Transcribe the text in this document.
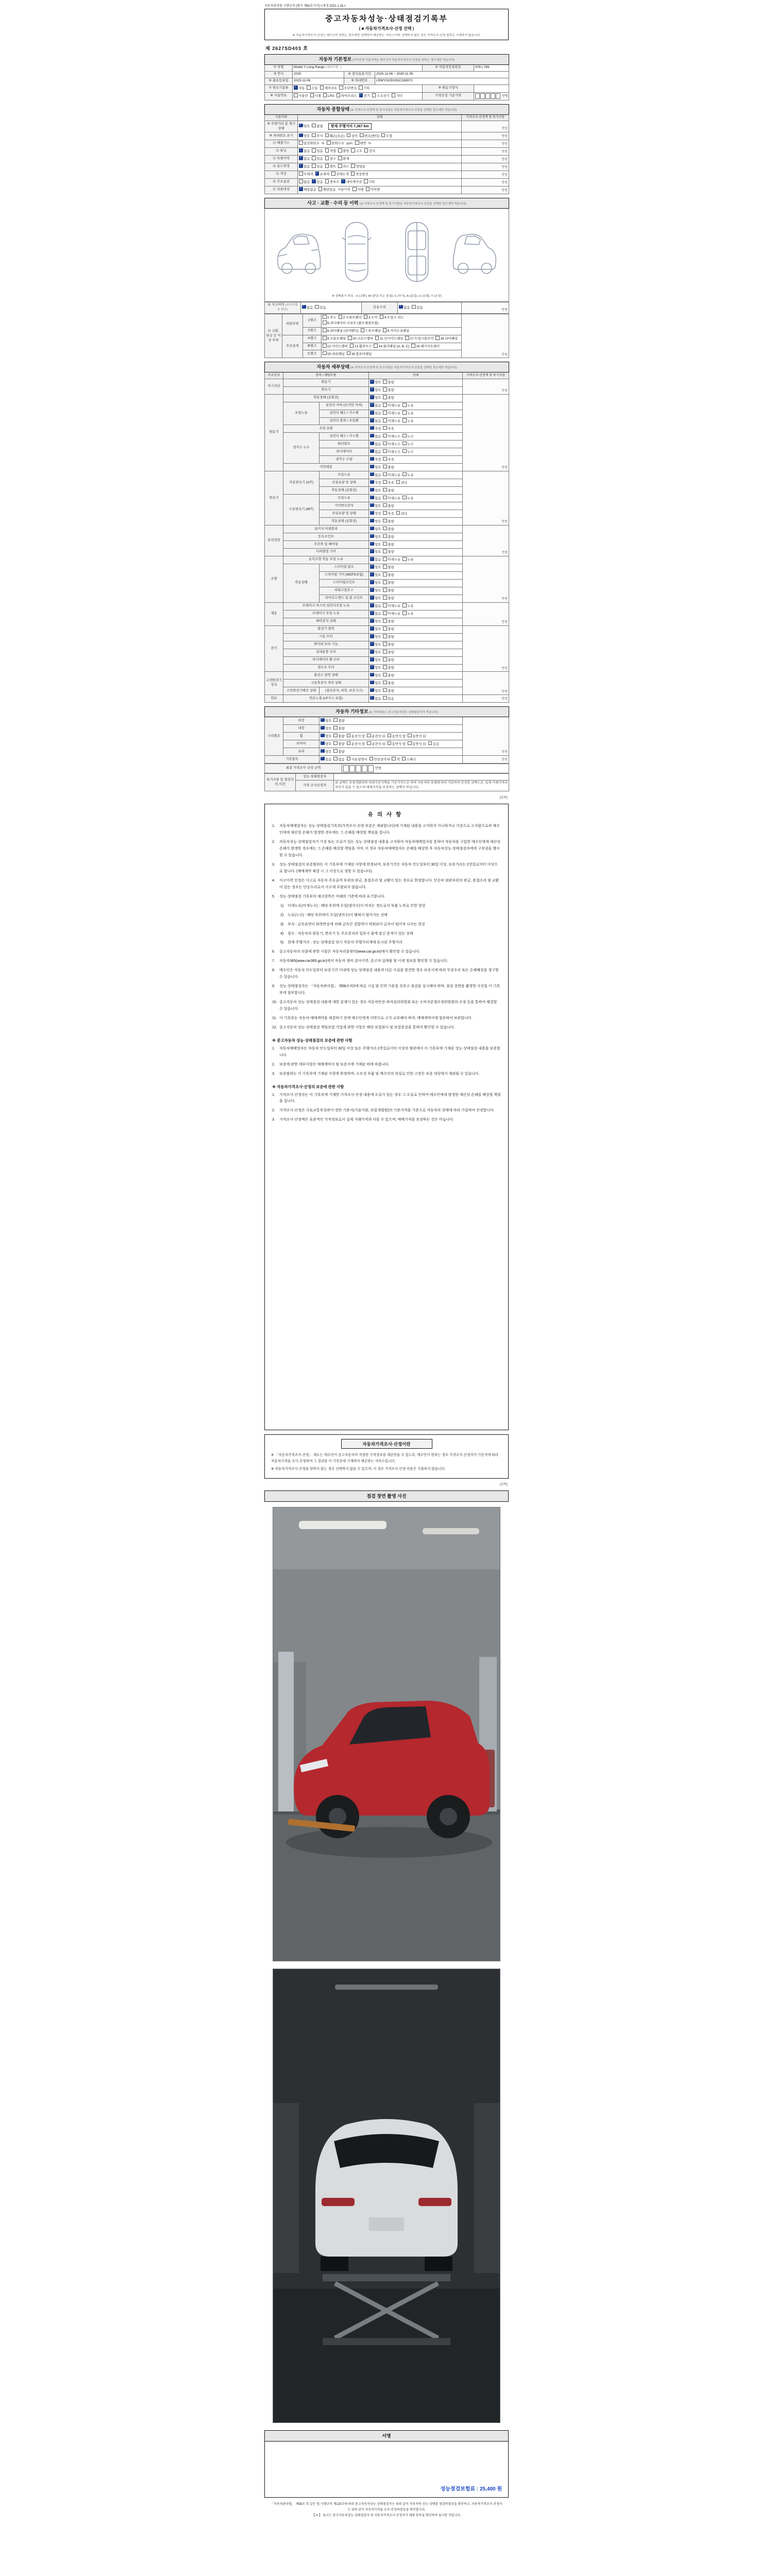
자동차관리법 시행규칙 [별지 제82호서식] <개정 2021.1.16.>
중고자동차성능·상태점검기록부
( ■ 자동차가격조사·산정 선택 )
※ 자동차가격조사·산정은 매수인이 원하는 경우에만 선택하여 제공받는 서비스이며, 선택하지 않은 경우 가격조사·산정 항목은 기재하지 않습니다.
제 2627SD403 호
자동차 기본정보 (가격산정 기준가격은 매수인이 자동차가격조사·산정을 원하는 경우에만 적습니다)					
① 차명	Model Y Long Range (세부모델 : )			② 자동차등록번호	476누789
③ 연식	2025	④ 검사유효기간	2025-11-06 ~ 2030-11-05		
⑤ 최초등록일	2025-11-06	⑥ 차대번호	LRWYGCEK5SC326973		
⑦ 변속기종류	✓자동 수동 세미오토 무단변속 기타			⑨ 원동기형식	
⑧ 사용연료	가솔린 디젤 LPG 하이브리드 ✓ 전기 수소전기 기타			가격산정 기준가격	만원
자동차 종합상태 (※ 가격조사·산정액 및 특기사항은 자동차가격조사·산정을 선택한 경우에만 적습니다)		
사용이력	상태	가격조사·산정액 및 특기사항
⑨ 주행거리 및 계기상태	✓양호 불량 현재 주행거리 7,367 km	만원
⑩ 차대번호 표기	✓양호 부식 훼손(오손) 상이 변조(변타) 도말	만원
⑪ 배출가스	일산화탄소 % 탄화수소 ppm 매연 %	만원
⑫ 튜닝	✓없음 있음 적법 불법 구조 장치	만원
⑬ 특별이력	✓없음 있음 침수 화재	만원
⑭ 용도변경	✓없음 있음 렌트 리스 영업용	만원
⑮ 색상	무채색 ✓ 유채색 전체도색 색상변경	만원
⑯ 주요옵션	없음 ✓ 있음 썬루프 ✓ 네비게이션 기타	만원
⑰ 리콜대상	✓해당없음 해당있음 리콜이행 이행 미이행	만원
사고 · 교환 · 수리 등 이력 (※ 가격조사·산정액 및 특기사항은 자동차가격조사·산정을 선택한 경우에만 적습니다)

※ 상태표시 부호 : X (교환), W (판금 또는 용접), C (부식), A (흠집), U (요철), T (손상)
⑱ 사고이력 (유의사항 4. 참조)	✓없음 있음	단순수리	✓없음 있음	만원
⑲ 교환, 판금 등 이상 부위	외판부위	1랭크	1.후드 2.프론트펜더 3.도어 4.트렁크 리드5.라디에이터 서포트 (볼트체결부품)	만원
		2랭크	6.쿼터패널 (리어펜더) 7.루프패널 8.사이드실패널	
	주요골격	A랭크	9.프론트패널 10.크로스멤버 11.인사이드패널 17.트렁크플로어 18.리어패널	
		B랭크	12.사이드멤버 13.휠하우스 14.필러패널 (A, B, C) 19.패키지트레이	
		C랭크	15.대쉬패널 16.플로어패널	
자동차 세부상태 (※ 가격조사·산정액 및 특기사항은 자동차가격조사·산정을 선택한 경우에만 적습니다)				
주요장치	항목 / 해당부품		상태	가격조사·산정액 및 특기사항
자기진단	원동기	✓양호 불량	만원
	변속기	✓양호 불량
원동기	작동상태 (공회전)	✓양호 불량	만원
	오일누유	실린더 커버 (로커암 커버)	✓없음 미세누유 누유
		실린더 헤드 / 가스켓	✓없음 미세누유 누유
		실린더 블록 / 오일팬	✓없음 미세누유 누유
	오일 유량	✓적정 부족
	냉각수 누수	실린더 헤드 / 가스켓	✓없음 미세누수 누수
		워터펌프	✓없음 미세누수 누수
		라디에이터	✓없음 미세누수 누수
		냉각수 수량	✓적정 부족
	커먼레일	✓양호 불량
변속기	자동변속기 (A/T)	오일누유	✓없음 미세누유 누유	만원
		오일유량 및 상태	✓적정 부족 과다
		작동상태 (공회전)	✓양호 불량
	수동변속기 (M/T)	오일누유	✓없음 미세누유 누유
		기어변속장치	✓양호 불량
		오일유량 및 상태	✓적정 부족 과다
		작동상태 (공회전)	✓양호 불량
동력전달	클러치 어셈블리	✓양호 불량	만원
	등속조인트	✓양호 불량
	추진축 및 베어링	✓양호 불량
	디퍼렌셜 기어	✓양호 불량
조향	동력조향 작동 오일 누유	✓없음 미세누유 누유	만원
	작동상태	스티어링 펌프	✓양호 불량
		스티어링 기어 (MDPS포함)	✓양호 불량
		스티어링조인트	✓양호 불량
		파워고압호스	✓양호 불량
		타이로드엔드 및 볼 조인트	✓양호 불량
제동	브레이크 마스터 실린더오일 누유	✓없음 미세누유 누유	만원
	브레이크 오일 누유	✓없음 미세누유 누유
	배력장치 상태	✓양호 불량
전기	발전기 출력	✓양호 불량	만원
	시동 모터	✓양호 불량
	와이퍼 모터 기능	✓양호 불량
	실내송풍 모터	✓양호 불량
	라디에이터 팬 모터	✓양호 불량
	윈도우 모터	✓양호 불량
고전원전기장치	충전구 절연 상태	✓양호 불량	만원
	구동축전지 격리 상태	✓양호 불량
	고전원전기배선 상태	(접속단자, 피복, 보호기구)	✓양호 불량
연료	연료누출 (LP가스 포함)	✓없음 있음	만원
자동차 기타정보 (※ 기타정보는 중고자동차성능·상태점검자가 적습니다)			
수리필요	외장	✓양호 불량	만원
	내장	✓양호 불량
	휠	✓양호 불량 운전석 앞 운전석 뒤 동반석 앞 동반석 뒤
	타이어	✓양호 불량 운전석 앞 운전석 뒤 동반석 앞 동반석 뒤 응급
	유리	✓양호 불량
기본품목	✓있음 없음 사용설명서 안전삼각대 잭 스패너	만원
최종 가격조사·산정 금액	만원
특기사항 및 점검자의 의견	성능·상태점검자	
	가격·조사산정자	위 금액은 보험개발원의 차량기준가액을 기준가격으로 하여 자동차의 상태에 따라 가감하여 산정한 금액으로, 실제 거래가격과 차이가 있을 수 있으며 매매가격을 보장하는 금액이 아닙니다.
(앞쪽)
유의사항
1.	자동차매매업자는 성능·상태점검기록부(가격조사·산정 부분은 제외합니다)에 기재된 내용을 고지하지 아니하거나 거짓으로 고지함으로써 매수인에게 재산상 손해가 발생한 경우에는 그 손해를 배상할 책임을 집니다.
2.	자동차성능·상태점검자가 거짓 또는 오류가 있는 성능·상태점검 내용을 고지하여 자동차매매업자를 통하여 자동차를 구입한 매수인에게 재산상 손해가 발생한 경우에는 그 손해를 배상할 책임을 지며, 이 경우 자동차매매업자는 손해를 배상한 후 자동차성능·상태점검자에게 구상권을 행사할 수 있습니다.
3.	성능·상태점검의 보증범위는 이 기록부에 기재된 사항에 한정되며, 보증기간은 자동차 인도일부터 30일 이상, 보증거리는 2천킬로미터 이상으로 합니다. (매매계약 체결 시 그 이상으로 정할 수 있습니다)
4.	사고이력 인정은 사고로 자동차 주요골격 부위의 판금, 용접수리 및 교환이 있는 경우로 한정합니다. 단순히 외판부위의 판금, 용접수리 및 교환이 있는 경우는 단순수리로서 사고에 포함되지 않습니다.
5.	성능·상태점검 기록부의 체크항목은 아래의 기준에 따라 표기합니다.
1)	미세누유(미세누수) : 해당 부위에 오일(냉각수)이 비치는 정도로서 부품 노후로 인한 현상
2)	누유(누수) : 해당 부위에서 오일(냉각수)이 맺혀서 떨어지는 상태
3)	부식 : 금속표면이 화학반응에 의해 금속간 결합력이 약화되어 금속이 떨어져 나가는 현상
4)	침수 : 자동차의 원동기, 변속기 등 주요장치의 일부가 물에 잠긴 흔적이 있는 상태
5)	현재 주행거리 : 성능·상태점검 당시 자동차 주행거리계에 표시된 주행거리
6.	중고자동차의 리콜에 관한 사항은 자동차리콜센터(www.car.go.kr)에서 확인할 수 있습니다.
7.	자동차365(www.car365.go.kr)에서 자동차 정비·검사이력, 중고차 실매물 및 시세 정보를 확인할 수 있습니다.
8.	매수인은 자동차 인도일부터 보증기간 이내에 성능·상태점검 내용과 다른 사실을 발견한 경우 보증서에 따라 무상수리 또는 손해배상을 청구할 수 있습니다.
9.	성능·상태점검자는 「자동차관리법」 제58조의2에 따른 시설 및 인력 기준을 갖추고 점검을 실시해야 하며, 점검 장면을 촬영한 사진을 이 기록부에 첨부합니다.
10. 중고자동차 성능·상태점검 내용에 대한 분쟁이 있는 경우 자동차안전·하자심의위원회 또는 소비자분쟁조정위원회의 조정 등을 통하여 해결할 수 있습니다.
11. 이 기록부는 자동차 매매계약을 체결하기 전에 매수인에게 서면으로 고지·교부해야 하며, 매매계약서에 첨부하여 보관합니다.
12. 중고자동차 성능·상태점검 책임보험 가입에 관한 사항은 해당 보험회사 및 보험증권을 통하여 확인할 수 있습니다.
※ 중고자동차 성능·상태점검의 보증에 관한 사항
1.	자동차매매업자는 자동차 인도일부터 30일 이상 또는 주행거리 2천킬로미터 이상의 범위에서 이 기록부에 기재된 성능·상태점검 내용을 보증합니다.
2.	보증에 관한 세부사항은 매매계약서 및 보증서에 기재된 바에 따릅니다.
3.	보증범위는 이 기록부에 기재된 사항에 한정하며, 소모성 부품 및 매수인의 과실로 인한 고장은 보증 대상에서 제외될 수 있습니다.
※ 자동차가격조사·산정의 보증에 관한 사항
1.	가격조사·산정자는 이 기록부에 기재한 가격조사·산정 내용에 오류가 있는 경우 그 오류로 인하여 매수인에게 발생한 재산상 손해를 배상할 책임을 집니다.
2.	가격조사·산정은 국토교통부장관이 정한 기준서(기술사회, 보험개발원)의 기준가격을 기준으로 자동차의 상태에 따라 가감하여 산정합니다.
3.	가격조사·산정액은 표준적인 가격정보로서 실제 거래가격과 다를 수 있으며, 매매가격을 보장하는 것은 아닙니다.
자동차가격조사·산정이란
※ 「자동차가격조사·산정」 제도는 매수인이 중고자동차의 적정한 가격정보를 제공받을 수 있도록, 매수인이 원하는 경우 가격조사·산정자가 기준서에 따라 자동차가격을 조사·산정하여 그 결과를 이 기록부에 기재하여 제공하는 서비스입니다.
※ 자동차가격조사·산정을 원하지 않는 경우 선택하지 않을 수 있으며, 이 경우 가격조사·산정 비용은 지불하지 않습니다.
(뒤쪽)
점검 장면 촬영 사진
서명
성능점검보험료 : 25,400 원
「자동차관리법」 제58조 및 같은 법 시행규칙 제120조에 따라 중고자동차성능·상태점검자는 위와 같이 자동차의 성능·상태를 점검하였음을 확인하고, 자동차가격조사·산정자는 위와 같이 자동차가격을 조사·산정하였음을 확인합니다.
【 V 】 표시는 중고자동차성능·상태점검자 및 자동차가격조사·산정자가 해당 항목을 확인하여 표시한 것입니다.
